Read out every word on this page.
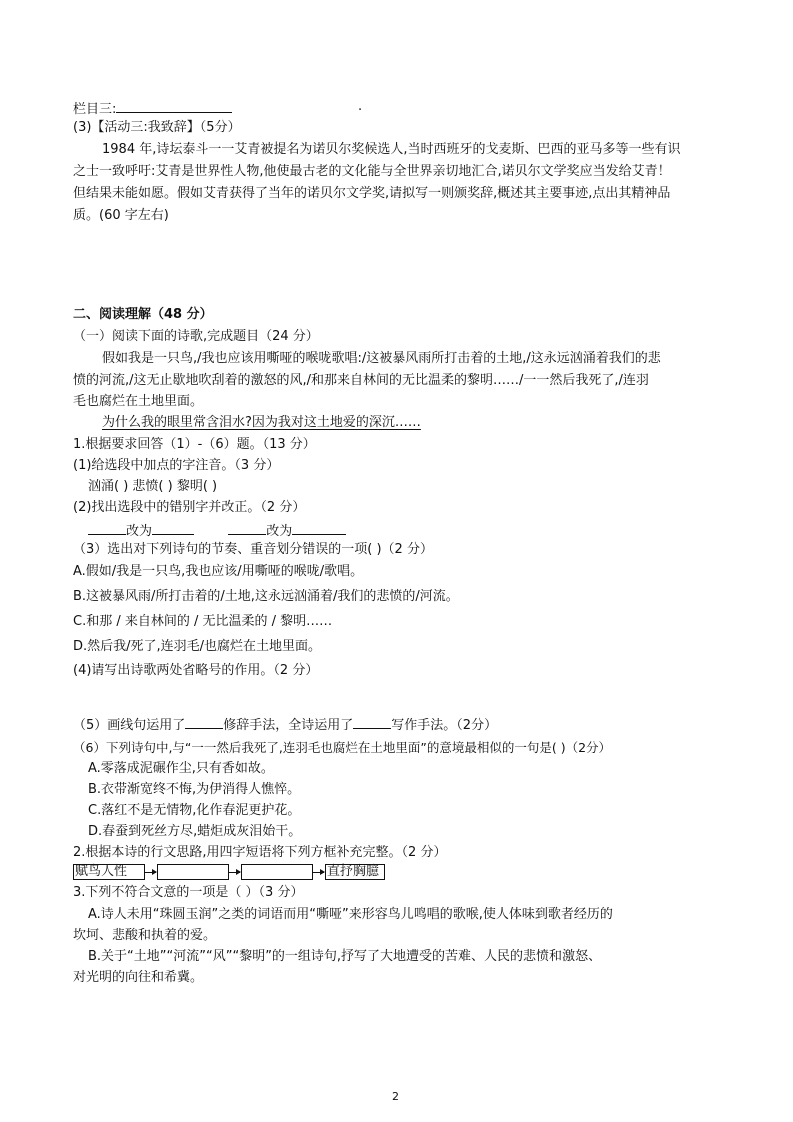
栏目三:	.
(3)【活动三:我致辞】（5分）
1984 年,诗坛泰斗一一艾青被提名为诺贝尔奖候选人,当时西班牙的戈麦斯、巴西的亚马多等一些有识
之士一致呼吁:艾青是世界性人物,他使最古老的文化能与全世界亲切地汇合,诺贝尔文学奖应当发给艾青！
但结果未能如愿。假如艾青获得了当年的诺贝尔文学奖,请拟写一则颁奖辞,概述其主要事迹,点出其精神品
质。(60 字左右)
二、阅读理解（48 分）
（一）阅读下面的诗歌,完成题目（24 分）
假如我是一只鸟,/我也应该用嘶哑的喉咙歌唱:/这被暴风雨所打击着的土地,/这永远汹涌着我们的悲
愤的河流,/这无止歇地吹刮着的激怒的风,/和那来自林间的无比温柔的黎明……/一一然后我死了,/连羽
毛也腐烂在土地里面。
为什么我的眼里常含泪水?因为我对这土地爱的深沉……
1.根据要求回答（1）-（6）题。（13 分）
(1)给选段中加点的字注音。（3 分）
汹涌( ) 悲愤( ) 黎明( )
(2)找出选段中的错别字并改正。（2 分）
改为	改为
（3）选出对下列诗句的节奏、重音划分错误的一项( )（2 分）
A.假如/我是一只鸟,我也应该/用嘶哑的喉咙/歌唱。
B.这被暴风雨/所打击着的/土地,这永远汹涌着/我们的悲愤的/河流。
C.和那 / 来自林间的 / 无比温柔的 / 黎明……
D.然后我/死了,连羽毛/也腐烂在土地里面。
(4)请写出诗歌两处省略号的作用。（2 分）
（5）画线句运用了	修辞手法，全诗运用了	写作手法。（2分）
（6）下列诗句中,与“一一然后我死了,连羽毛也腐烂在土地里面”的意境最相似的一句是( )（2分）
A.零落成泥碾作尘,只有香如故。
B.衣带渐宽终不悔,为伊消得人憔悴。
C.落红不是无情物,化作春泥更护花。
D.春蚕到死丝方尽,蜡炬成灰泪始干。
2.根据本诗的行文思路,用四字短语将下列方框补充完整。（2 分）
赋鸟人性	直抒胸臆
3.下列不符合文意的一项是（ ）（3 分）
A.诗人未用“珠圆玉润”之类的词语而用“嘶哑”来形容鸟儿鸣唱的歌喉,使人体味到歌者经历的
坎坷、悲酸和执着的爱。
B.关于“土地”“河流”“风”“黎明”的一组诗句,抒写了大地遭受的苦难、人民的悲愤和激怒、
对光明的向往和希冀。
2
